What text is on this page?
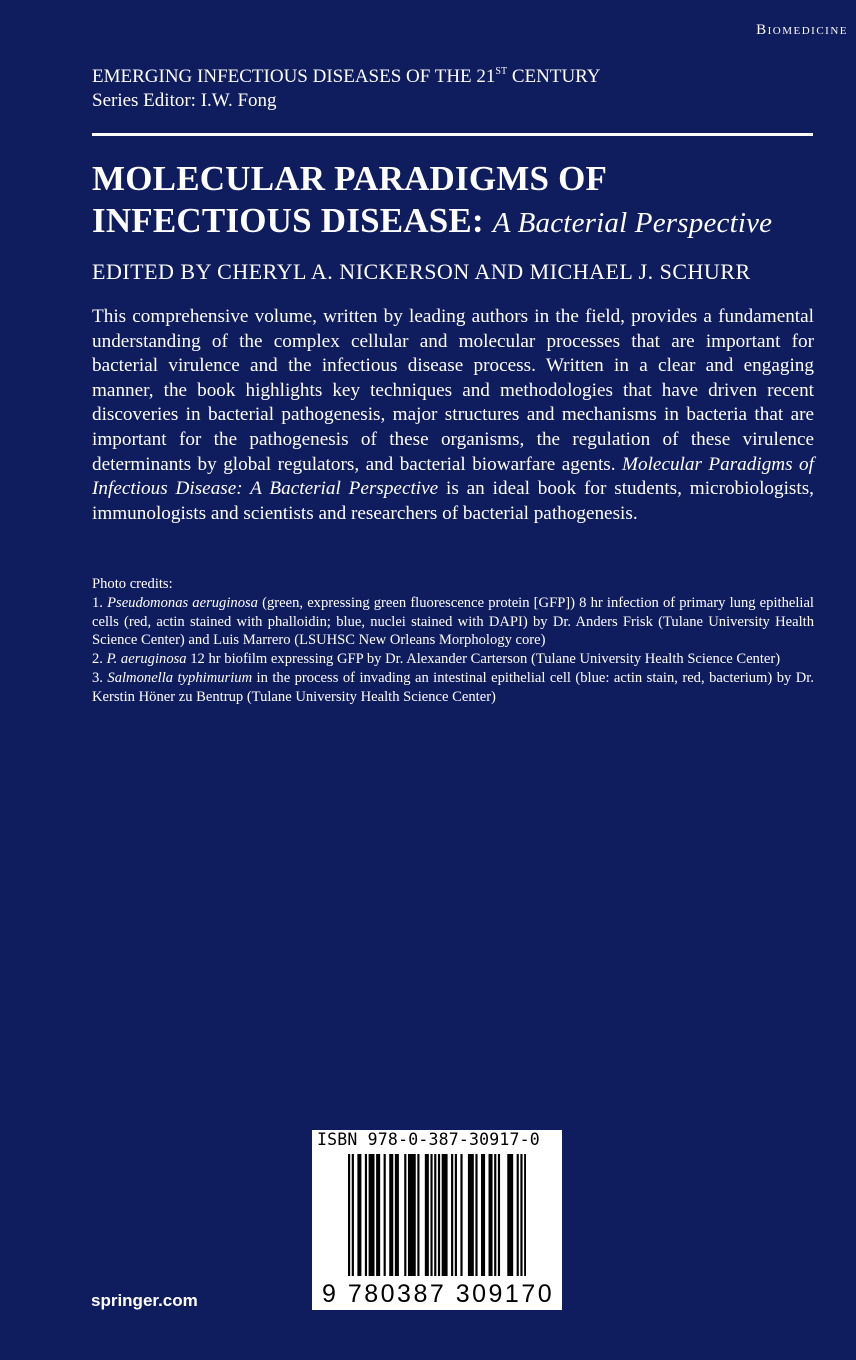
Biomedicine
EMERGING INFECTIOUS DISEASES OF THE 21ST CENTURY
Series Editor: I.W. Fong
MOLECULAR PARADIGMS OF INFECTIOUS DISEASE: A Bacterial Perspective
EDITED BY CHERYL A. NICKERSON AND MICHAEL J. SCHURR

This comprehensive volume, written by leading authors in the field, provides a fundamental understanding of the complex cellular and molecular processes that are important for bacterial virulence and the infectious disease process. Written in a clear and engaging manner, the book highlights key techniques and methodologies that have driven recent discoveries in bacterial pathogenesis, major structures and mechanisms in bacteria that are important for the pathogenesis of these organisms, the regulation of these virulence determinants by global regulators, and bacterial biowarfare agents. Molecular Paradigms of Infectious Disease: A Bacterial Perspective is an ideal book for students, microbiologists, immunologists and scientists and researchers of bacterial pathogenesis.

Photo credits:

1. Pseudomonas aeruginosa (green, expressing green fluorescence protein [GFP]) 8 hr infection of primary lung epithelial cells (red, actin stained with phalloidin; blue, nuclei stained with DAPI) by Dr. Anders Frisk (Tulane University Health Science Center) and Luis Marrero (LSUHSC New Orleans Morphology core)

2. P. aeruginosa 12 hr biofilm expressing GFP by Dr. Alexander Carterson (Tulane University Health Science Center)

3. Salmonella typhimurium in the process of invading an intestinal epithelial cell (blue: actin stain, red, bacterium) by Dr. Kerstin Höner zu Bentrup (Tulane University Health Science Center)

ISBN 978-0-387-30917-0
9 780387 309170
springer.com
